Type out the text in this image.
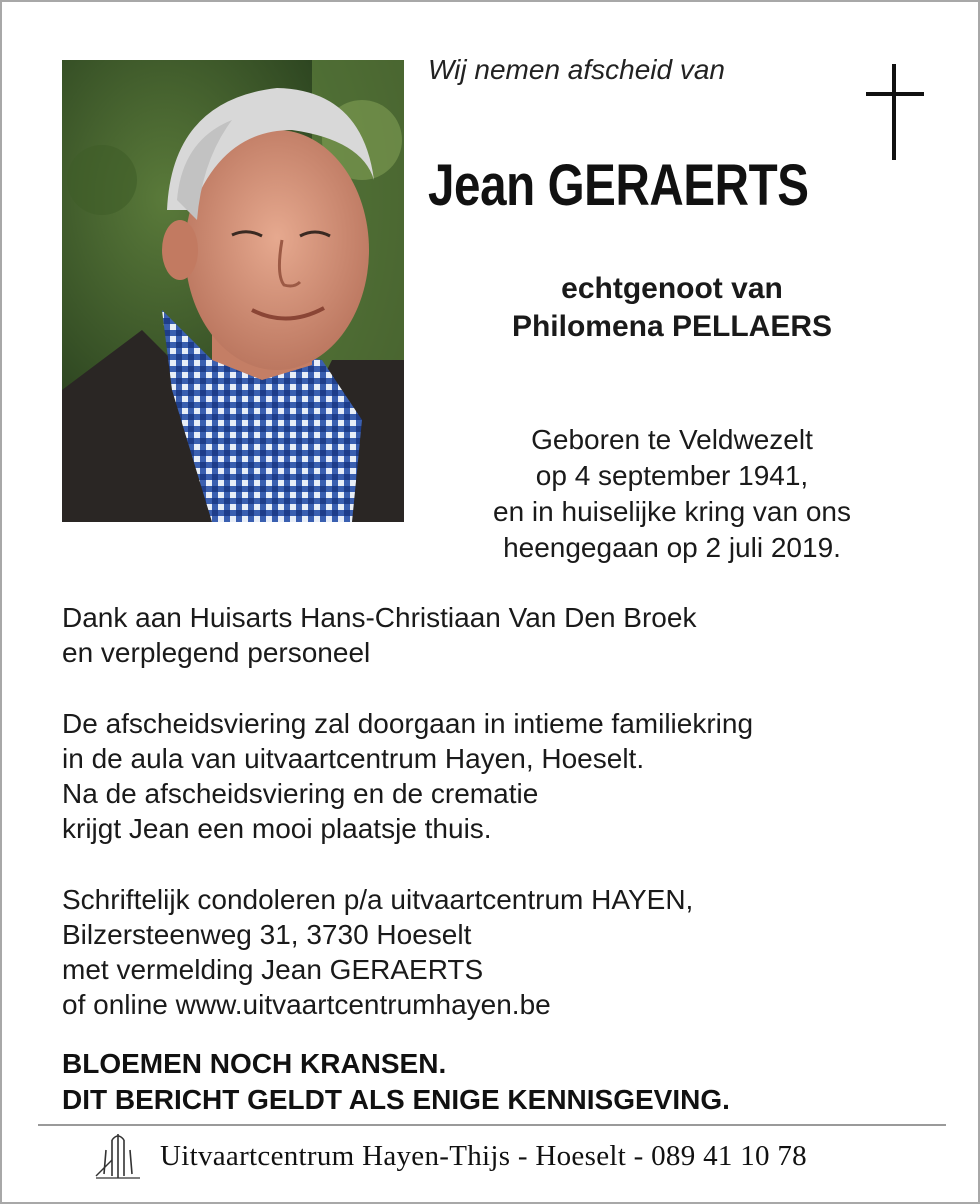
Wij nemen afscheid van
Jean GERAERTS
echtgenoot van
Philomena PELLAERS
Geboren te Veldwezelt
op 4 september 1941,
en in huiselijke kring van ons
heengegaan op 2 juli 2019.
Dank aan Huisarts Hans-Christiaan Van Den Broek
en verplegend personeel
De afscheidsviering zal doorgaan in intieme familiekring
in de aula van uitvaartcentrum Hayen, Hoeselt.
Na de afscheidsviering en de crematie
krijgt Jean een mooi plaatsje thuis.
Schriftelijk condoleren p/a uitvaartcentrum HAYEN,
Bilzersteenweg 31, 3730 Hoeselt
met vermelding Jean GERAERTS
of online www.uitvaartcentrumhayen.be
BLOEMEN NOCH KRANSEN.
DIT BERICHT GELDT ALS ENIGE KENNISGEVING.
Uitvaartcentrum Hayen-Thijs - Hoeselt - 089 41 10 78
